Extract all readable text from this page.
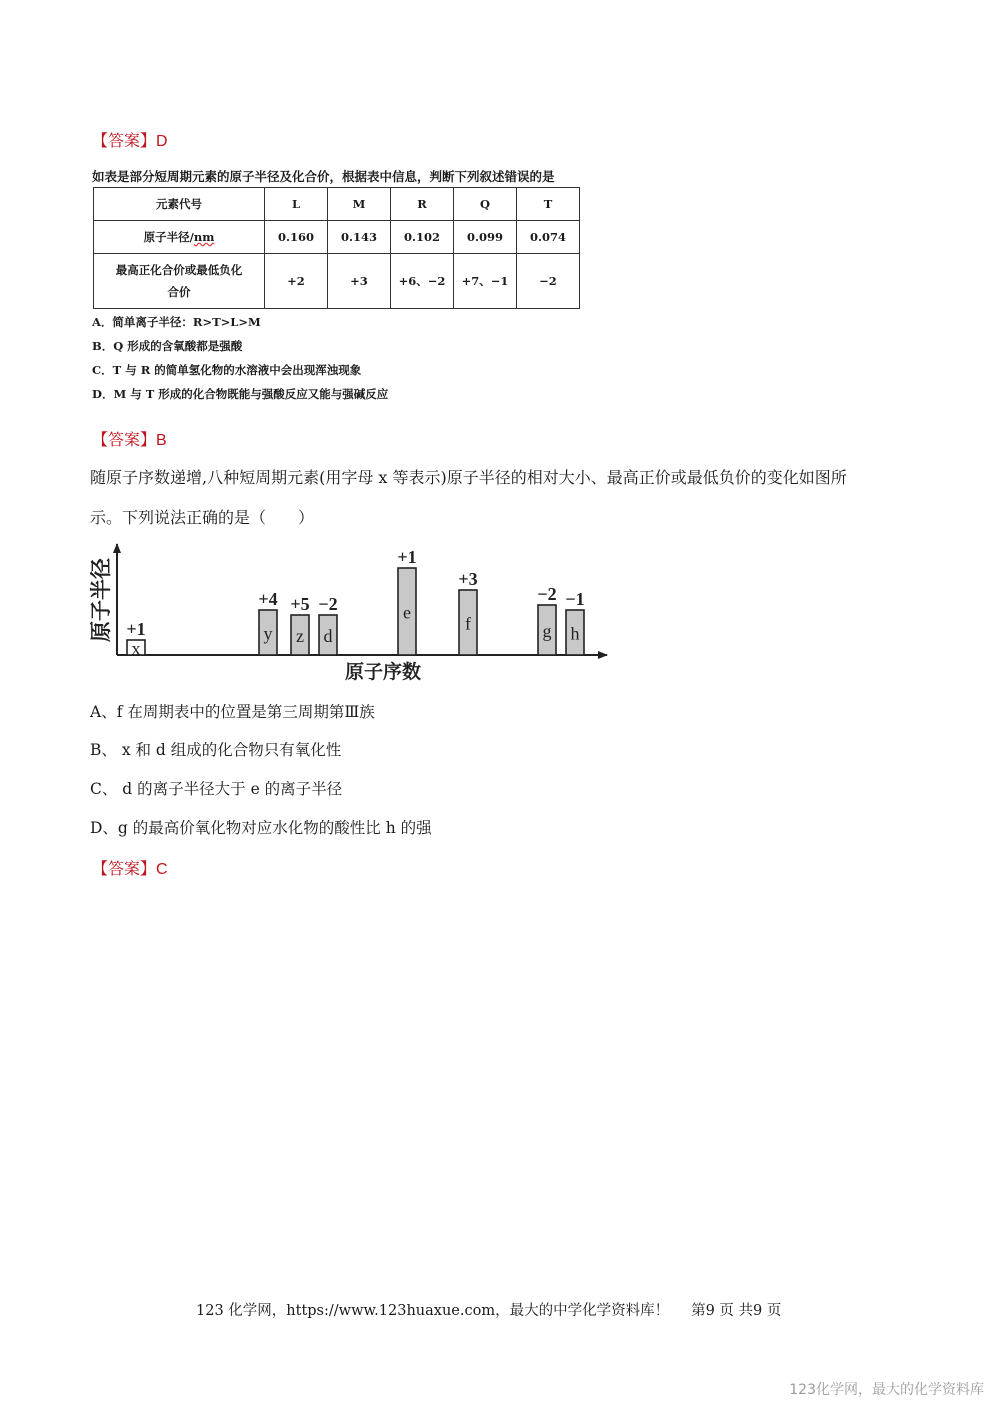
【答案】D
如表是部分短周期元素的原子半径及化合价，根据表中信息，判断下列叙述错误的是
元素代号	L	M	R	Q	T
原子半径/nm	0.160	0.143	0.102	0.099	0.074
最高正化合价或最低负化
合价	+2	+3	+6、−2	+7、−1	−2
A．简单离子半径：R>T>L>M
B．Q 形成的含氧酸都是强酸
C．T 与 R 的简单氢化物的水溶液中会出现浑浊现象
D．M 与 T 形成的化合物既能与强酸反应又能与强碱反应
【答案】B
随原子序数递增,八种短周期元素(用字母 x 等表示)原子半径的相对大小、最高正价或最低负价的变化如图所
示。下列说法正确的是（　　）
原子半径
原子序数
x
+1	y
+4
z
+5
d
−2	e
+1
f
+3
g
−2
h
−1
A、f 在周期表中的位置是第三周期第Ⅲ族
B、 x 和 d 组成的化合物只有氧化性
C、 d 的离子半径大于 e 的离子半径
D、g 的最高价氧化物对应水化物的酸性比 h 的强
【答案】C
123 化学网，https://www.123huaxue.com，最大的中学化学资料库！ 第9 页 共9 页
123化学网，最大的化学资料库
